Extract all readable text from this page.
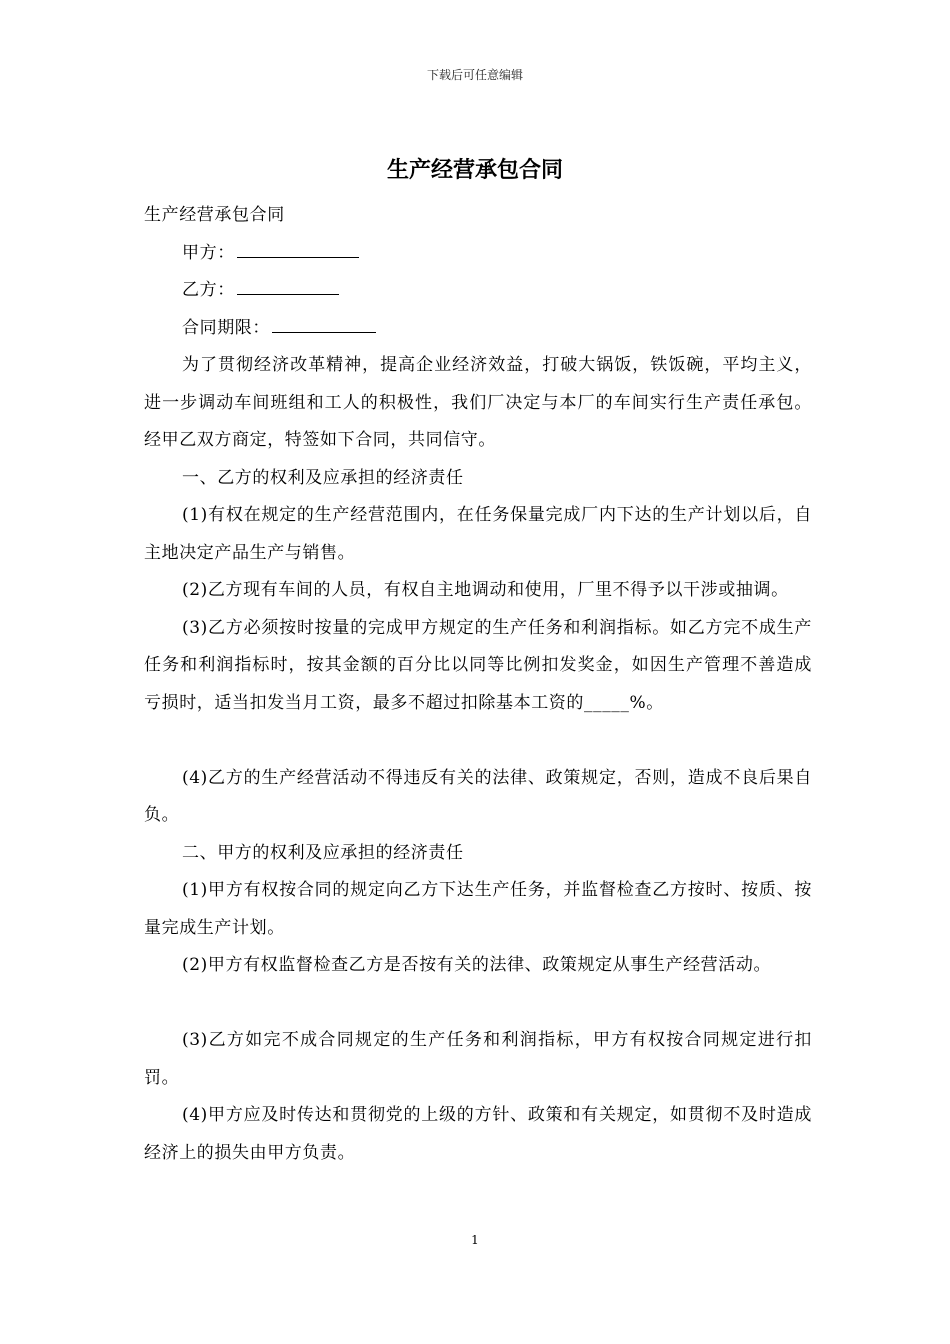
下载后可任意编辑
生产经营承包合同

生产经营承包合同

甲方：

乙方：

合同期限：

为了贯彻经济改革精神，提高企业经济效益，打破大锅饭，铁饭碗，平均主义，进一步调动车间班组和工人的积极性，我们厂决定与本厂的车间实行生产责任承包。经甲乙双方商定，特签如下合同，共同信守。

一、乙方的权利及应承担的经济责任

(1)有权在规定的生产经营范围内，在任务保量完成厂内下达的生产计划以后，自主地决定产品生产与销售。

(2)乙方现有车间的人员，有权自主地调动和使用，厂里不得予以干涉或抽调。

(3)乙方必须按时按量的完成甲方规定的生产任务和利润指标。如乙方完不成生产任务和利润指标时，按其金额的百分比以同等比例扣发奖金，如因生产管理不善造成亏损时，适当扣发当月工资，最多不超过扣除基本工资的_____%。

(4)乙方的生产经营活动不得违反有关的法律、政策规定，否则，造成不良后果自负。

二、甲方的权利及应承担的经济责任

(1)甲方有权按合同的规定向乙方下达生产任务，并监督检查乙方按时、按质、按量完成生产计划。

(2)甲方有权监督检查乙方是否按有关的法律、政策规定从事生产经营活动。

(3)乙方如完不成合同规定的生产任务和利润指标，甲方有权按合同规定进行扣罚。

(4)甲方应及时传达和贯彻党的上级的方针、政策和有关规定，如贯彻不及时造成经济上的损失由甲方负责。

1
